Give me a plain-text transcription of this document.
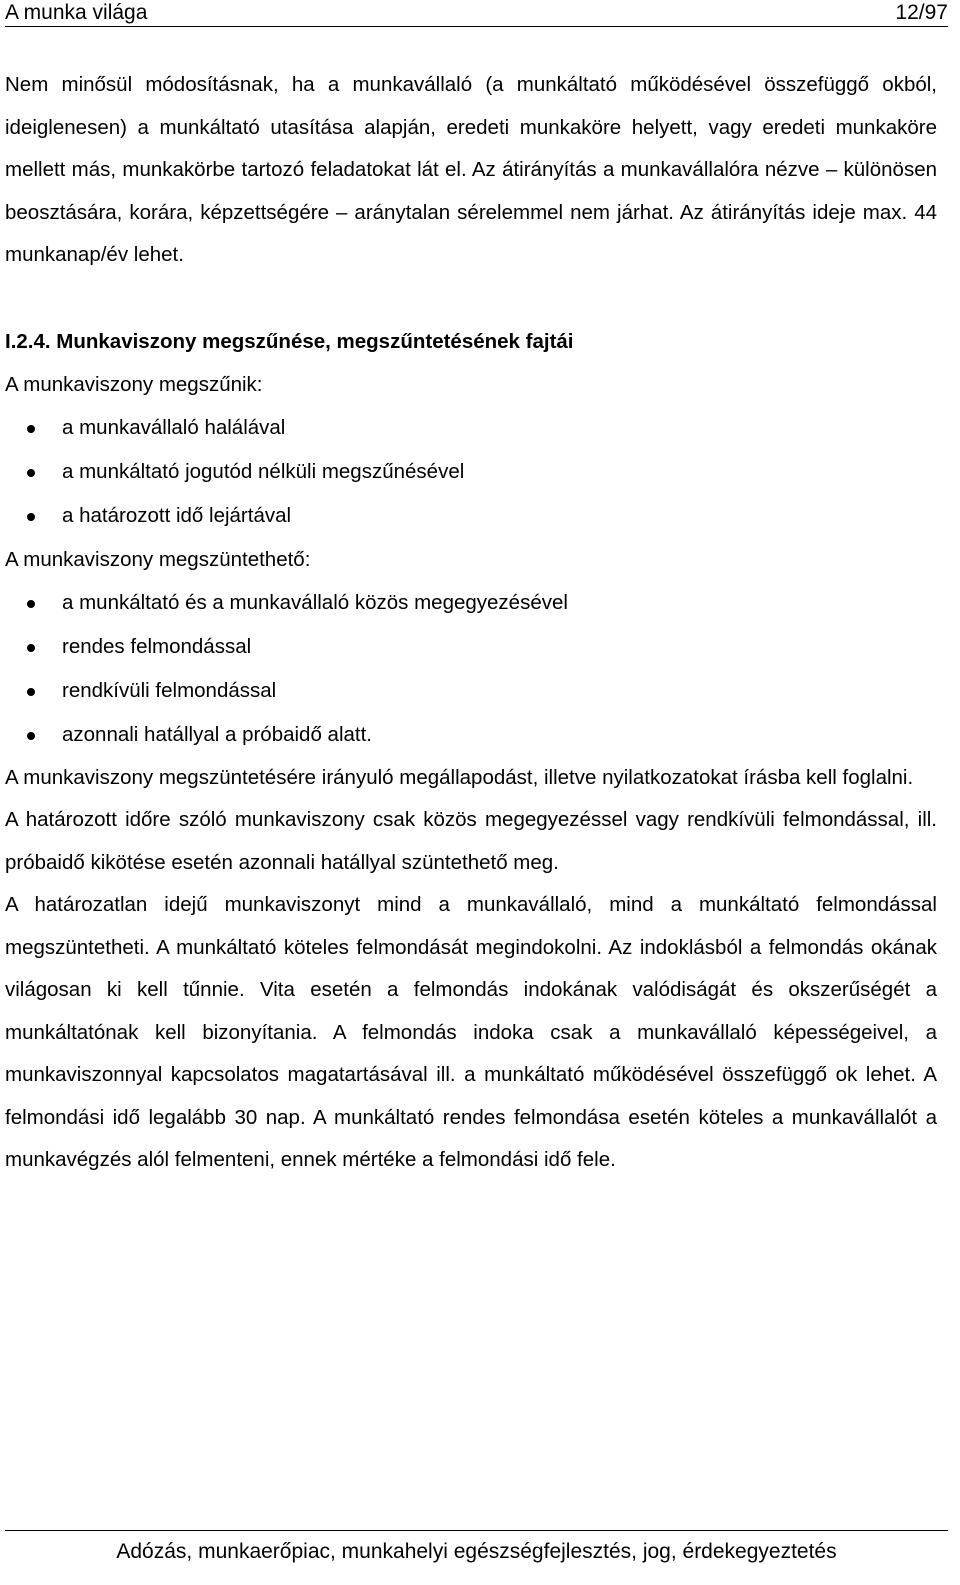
A munka világa	12/97

Nem minősül módosításnak, ha a munkavállaló (a munkáltató működésével összefüggő okból, ideiglenesen) a munkáltató utasítása alapján, eredeti munkaköre helyett, vagy eredeti munkaköre mellett más, munkakörbe tartozó feladatokat lát el. Az átirányítás a munkavállalóra nézve – különösen beosztására, korára, képzettségére – aránytalan sérelemmel nem járhat. Az átirányítás ideje max. 44 munkanap/év lehet.

I.2.4. Munkaviszony megszűnése, megszűntetésének fajtái

A munkaviszony megszűnik:

a munkavállaló halálával
a munkáltató jogutód nélküli megszűnésével
a határozott idő lejártával

A munkaviszony megszüntethető:

a munkáltató és a munkavállaló közös megegyezésével
rendes felmondással
rendkívüli felmondással
azonnali hatállyal a próbaidő alatt.

A munkaviszony megszüntetésére irányuló megállapodást, illetve nyilatkozatokat írásba kell foglalni.

A határozott időre szóló munkaviszony csak közös megegyezéssel vagy rendkívüli felmondással, ill. próbaidő kikötése esetén azonnali hatállyal szüntethető meg.

A határozatlan idejű munkaviszonyt mind a munkavállaló, mind a munkáltató felmondással megszüntetheti. A munkáltató köteles felmondását megindokolni. Az indoklásból a felmondás okának világosan ki kell tűnnie. Vita esetén a felmondás indokának valódiságát és okszerűségét a munkáltatónak kell bizonyítania. A felmondás indoka csak a munkavállaló képességeivel, a munkaviszonnyal kapcsolatos magatartásával ill. a munkáltató működésével összefüggő ok lehet. A felmondási idő legalább 30 nap. A munkáltató rendes felmondása esetén köteles a munkavállalót a munkavégzés alól felmenteni, ennek mértéke a felmondási idő fele.

Adózás, munkaerőpiac, munkahelyi egészségfejlesztés, jog, érdekegyeztetés
